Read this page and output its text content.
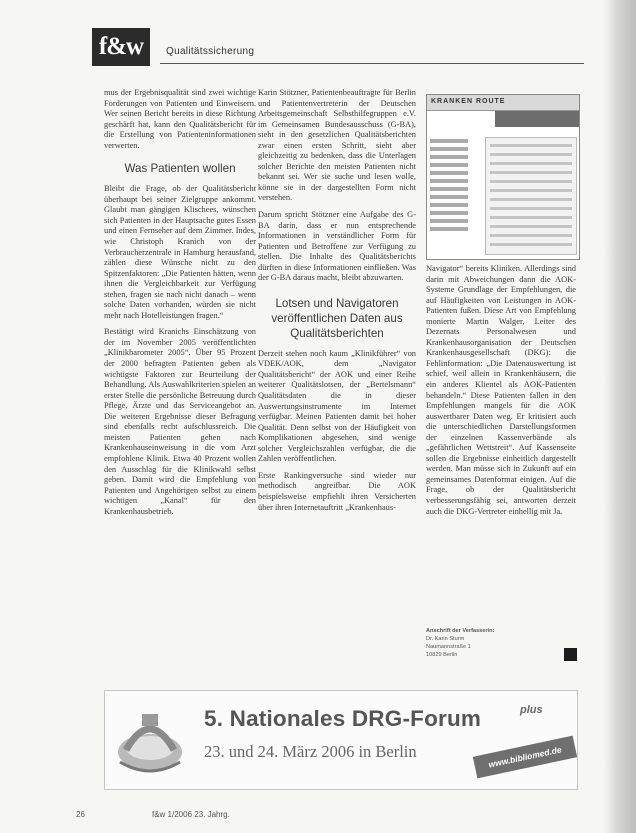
f&w	Qualitätssicherung

mus der Ergebnisqualität sind zwei wichtige Forderungen von Patienten und Einweisern. Wer seinen Bericht bereits in diese Richtung geschärft hat, kann den Qualitätsbericht für die Erstellung von Patienteninformationen verwerten.

Was Patienten wollen

Bleibt die Frage, ob der Qualitätsbericht überhaupt bei seiner Zielgruppe ankommt. Glaubt man gängigen Klischees, wünschen sich Patienten in der Hauptsache gutes Essen und einen Fernseher auf dem Zimmer. Indes, wie Christoph Kranich von der Verbraucherzentrale in Hamburg herausfand, zählen diese Wünsche nicht zu den Spitzenfaktoren: „Die Patienten hätten, wenn ihnen die Vergleichbarkeit zur Verfügung stehen, fragen sie nach nicht danach – wenn solche Daten vorhanden, würden sie nicht mehr nach Hotelleistungen fragen.“

Bestätigt wird Kranichs Einschätzung von der im November 2005 veröffentlichten „Klinikbarometer 2005“. Über 95 Prozent der 2000 befragten Patienten geben als wichtigste Faktoren zur Beurteilung der Behandlung. Als Auswahlkriterien spielen an erster Stelle die persönliche Betreuung durch Pflege, Ärzte und das Serviceangebot an. Die weiteren Ergebnisse dieser Befragung sind ebenfalls recht aufschlussreich. Die meisten Patienten gehen nach Krankenhauseinweisung in die vom Arzt empfohlene Klinik. Etwa 40 Prozent wollen den Ausschlag für die Klinikwahl selbst geben. Damit wird die Empfehlung von Patienten und Angehörigen selbst zu einem wichtigen „Kanal“ für den Krankenhausbetrieb.

Karin Stötzner, Patientenbeauftragte für Berlin und Patientenvertreterin der Deutschen Arbeitsgemeinschaft Selbsthilfegruppen e.V. im Gemeinsamen Bundesausschuss (G-BA), sieht in den gesetzlichen Qualitätsberichten zwar einen ersten Schritt, sieht aber gleichzeitig zu bedenken, dass die Unterlagen solcher Berichte den meisten Patienten nicht bekannt sei. Wer sie suche und lesen wolle, könne sie in der dargestellten Form nicht verstehen.

Darum spricht Stötzner eine Aufgabe des G-BA darin, dass er nun entsprechende Informationen in verständlicher Form für Patienten und Betroffene zur Verfügung zu stellen. Die Inhalte des Qualitätsberichts dürften in diese Informationen einfließen. Was der G-BA daraus macht, bleibt abzuwarten.

Lotsen und Navigatoren veröffentlichen Daten aus Qualitätsberichten

Derzeit stehen noch kaum „Klinikführer“ von VDEK/AOK, dem „Navigator Qualitätsbericht“ der AOK und einer Reihe weiterer Qualitätslotsen, der „Bertelsmann“ Qualitätsdaten die in dieser Auswertungsinstrumente im Internet verfügbar. Meinen Patienten damit bei hoher Qualität. Denn selbst von der Häufigkeit von Komplikationen abgesehen, sind wenige solcher Vergleichszahlen verfügbar, die die Zahlen veröffentlichen.

Erste Rankingversuche sind wieder nur methodisch angreifbar. Die AOK beispielsweise empfiehlt ihren Versicherten über ihren Internetauftritt „Krankenhaus-

KRANKEN ROUTE

Navigator“ bereits Kliniken. Allerdings sind darin mit Abweichungen dann die AOK-Systeme Grundlage der Empfehlungen, die auf Häufigkeiten von Leistungen in AOK-Patienten fußen. Diese Art von Empfehlung monierte Martin Walger, Leiter des Dezernats Personalwesen und Krankenhausorganisation der Deutschen Krankenhausgesellschaft (DKG): die Fehlinformation: „Die Datenauswertung ist schief, weil allein in Krankenhäusern, die ein anderes Klientel als AOK-Patienten behandeln.“ Diese Patienten fallen in den Empfehlungen mangels für die AOK auswertbarer Daten weg. Er kritisiert auch die unterschiedlichen Darstellungsformen der einzelnen Kassenverbände als „gefährlichen Wettstreit“. Auf Kassenseite sollen die Ergebnisse einheitlich dargestellt werden. Man müsse sich in Zukunft auf ein gemeinsames Datenformat einigen. Auf die Frage, ob der Qualitätsbericht verbesserungsfähig sei, antworten derzeit auch die DKG-Vertreter einhellig mit Ja.

Anschrift der Verfasserin:
Dr. Karin Sturm
Naumannstraße 1
10829 Berlin
5. Nationales DRG-Forum	plus
23. und 24. März 2006 in Berlin	www.bibliomed.de
26	f&w 1/2006 23. Jahrg.
